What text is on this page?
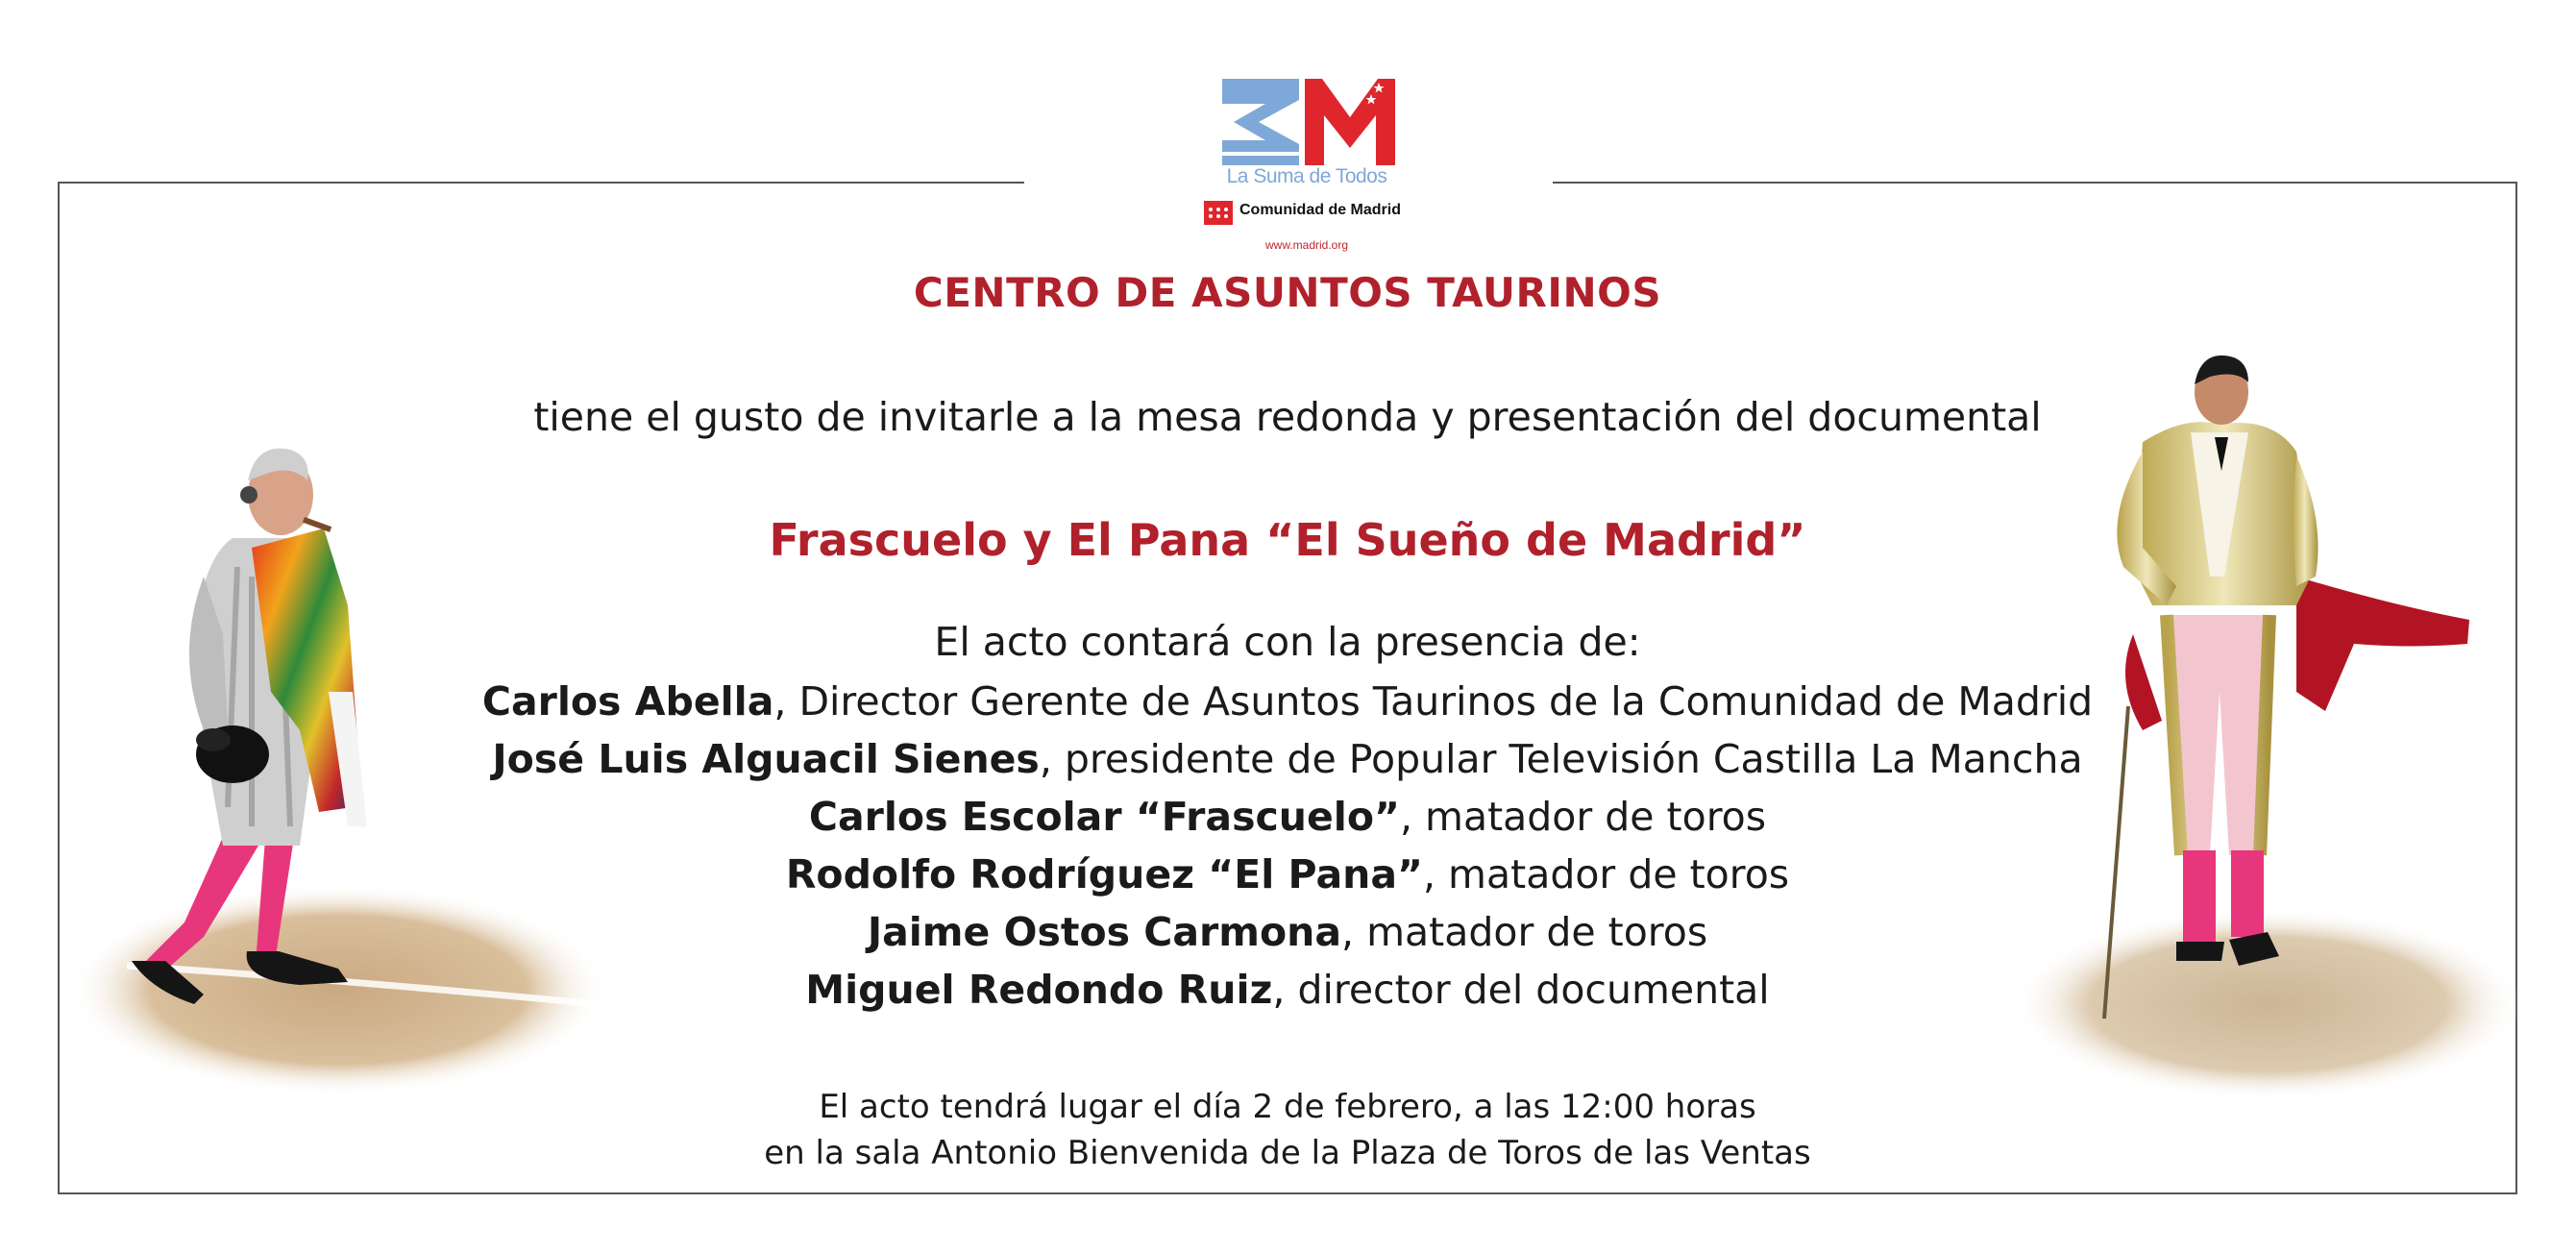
La Suma de Todos
Comunidad de Madrid
www.madrid.org
CENTRO DE ASUNTOS TAURINOS
tiene el gusto de invitarle a la mesa redonda y presentación del documental
Frascuelo y El Pana “El Sueño de Madrid”
El acto contará con la presencia de:
Carlos Abella, Director Gerente de Asuntos Taurinos de la Comunidad de Madrid
José Luis Alguacil Sienes, presidente de Popular Televisión Castilla La Mancha
Carlos Escolar “Frascuelo”, matador de toros
Rodolfo Rodríguez “El Pana”, matador de toros
Jaime Ostos Carmona, matador de toros
Miguel Redondo Ruiz, director del documental
El acto tendrá lugar el día 2 de febrero, a las 12:00 horas
en la sala Antonio Bienvenida de la Plaza de Toros de las Ventas
